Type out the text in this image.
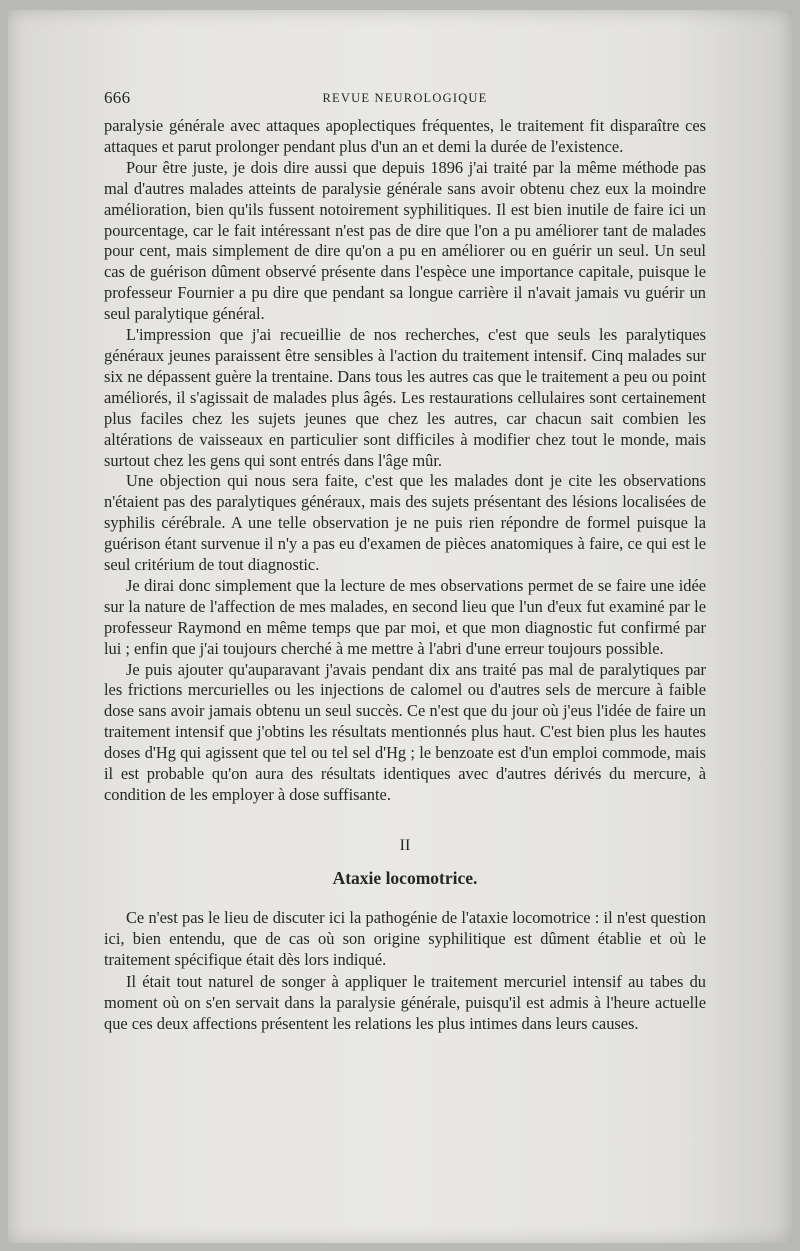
666	REVUE NEUROLOGIQUE

paralysie générale avec attaques apoplectiques fréquentes, le traitement fit disparaître ces attaques et parut prolonger pendant plus d'un an et demi la durée de l'existence.

Pour être juste, je dois dire aussi que depuis 1896 j'ai traité par la même méthode pas mal d'autres malades atteints de paralysie générale sans avoir obtenu chez eux la moindre amélioration, bien qu'ils fussent notoirement syphilitiques. Il est bien inutile de faire ici un pourcentage, car le fait intéressant n'est pas de dire que l'on a pu améliorer tant de malades pour cent, mais simplement de dire qu'on a pu en améliorer ou en guérir un seul. Un seul cas de guérison dûment observé présente dans l'espèce une importance capitale, puisque le professeur Fournier a pu dire que pendant sa longue carrière il n'avait jamais vu guérir un seul paralytique général.

L'impression que j'ai recueillie de nos recherches, c'est que seuls les paralytiques généraux jeunes paraissent être sensibles à l'action du traitement intensif. Cinq malades sur six ne dépassent guère la trentaine. Dans tous les autres cas que le traitement a peu ou point améliorés, il s'agissait de malades plus âgés. Les restaurations cellulaires sont certainement plus faciles chez les sujets jeunes que chez les autres, car chacun sait combien les altérations de vaisseaux en particulier sont difficiles à modifier chez tout le monde, mais surtout chez les gens qui sont entrés dans l'âge mûr.

Une objection qui nous sera faite, c'est que les malades dont je cite les observations n'étaient pas des paralytiques généraux, mais des sujets présentant des lésions localisées de syphilis cérébrale. A une telle observation je ne puis rien répondre de formel puisque la guérison étant survenue il n'y a pas eu d'examen de pièces anatomiques à faire, ce qui est le seul critérium de tout diagnostic.

Je dirai donc simplement que la lecture de mes observations permet de se faire une idée sur la nature de l'affection de mes malades, en second lieu que l'un d'eux fut examiné par le professeur Raymond en même temps que par moi, et que mon diagnostic fut confirmé par lui ; enfin que j'ai toujours cherché à me mettre à l'abri d'une erreur toujours possible.

Je puis ajouter qu'auparavant j'avais pendant dix ans traité pas mal de paralytiques par les frictions mercurielles ou les injections de calomel ou d'autres sels de mercure à faible dose sans avoir jamais obtenu un seul succès. Ce n'est que du jour où j'eus l'idée de faire un traitement intensif que j'obtins les résultats mentionnés plus haut. C'est bien plus les hautes doses d'Hg qui agissent que tel ou tel sel d'Hg ; le benzoate est d'un emploi commode, mais il est probable qu'on aura des résultats identiques avec d'autres dérivés du mercure, à condition de les employer à dose suffisante.

II
Ataxie locomotrice.

Ce n'est pas le lieu de discuter ici la pathogénie de l'ataxie locomotrice : il n'est question ici, bien entendu, que de cas où son origine syphilitique est dûment établie et où le traitement spécifique était dès lors indiqué.

Il était tout naturel de songer à appliquer le traitement mercuriel intensif au tabes du moment où on s'en servait dans la paralysie générale, puisqu'il est admis à l'heure actuelle que ces deux affections présentent les relations les plus intimes dans leurs causes.
